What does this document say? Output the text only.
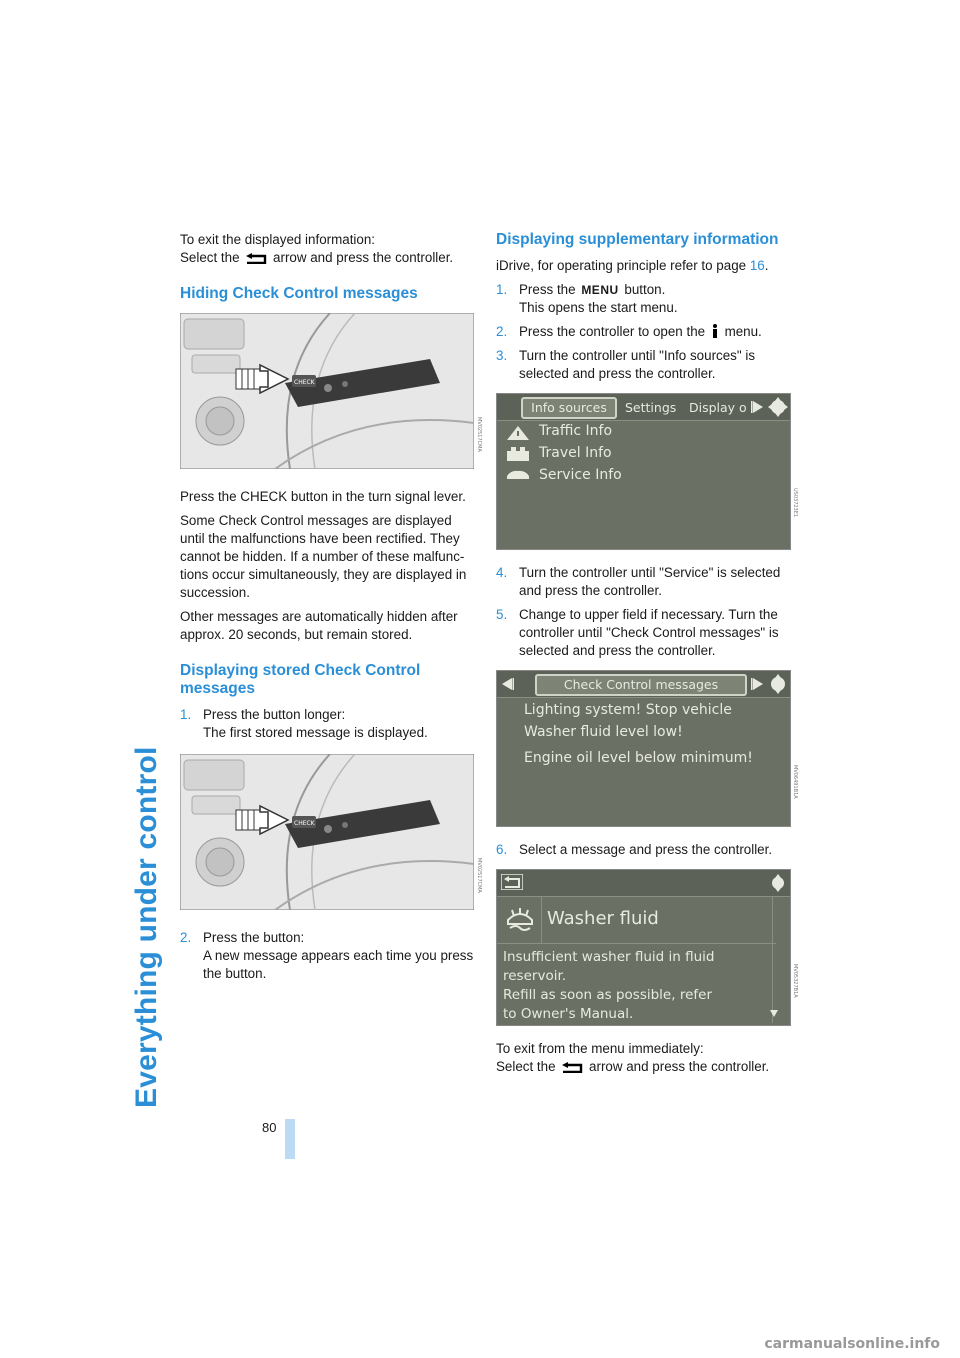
Everything under control

To exit the displayed information:

Select the arrow and press the controller.

Hiding Check Control messages
CHECK
MV02517CMA

Press the CHECK button in the turn signal lever.

Some Check Control messages are displayed until the malfunctions have been rectified. They cannot be hidden. If a number of these malfunc-tions occur simultaneously, they are displayed in succession.

Other messages are automatically hidden after approx. 20 seconds, but remain stored.

Displaying stored Check Control messages
1. Press the button longer:
The first stored message is displayed.
CHECK
MV02517CMA
2. Press the button:
A new message appears each time you press the button.
Displaying supplementary information

iDrive, for operating principle refer to page 16.

1. Press the MENU button.
This opens the start menu.
2. Press the controller to open the menu.
3. Turn the controller until "Info sources" is selected and press the controller.
Info sources	Settings Display o
Traffic Info
Travel Info
Service Info
US03723E1
4. Turn the controller until "Service" is selected and press the controller.
5. Change to upper field if necessary. Turn the controller until "Check Control messages" is selected and press the controller.
Check Control messages
Lighting system! Stop vehicle
Washer fluid level low!
Engine oil level below minimum!
MV06491B1A
6. Select a message and press the controller.
Washer fluid
Insufficient washer fluid in fluid
reservoir.
Refill as soon as possible, refer
to Owner's Manual.
MV05327B1A

To exit from the menu immediately:

Select the arrow and press the controller.

80
carmanualsonline.info
